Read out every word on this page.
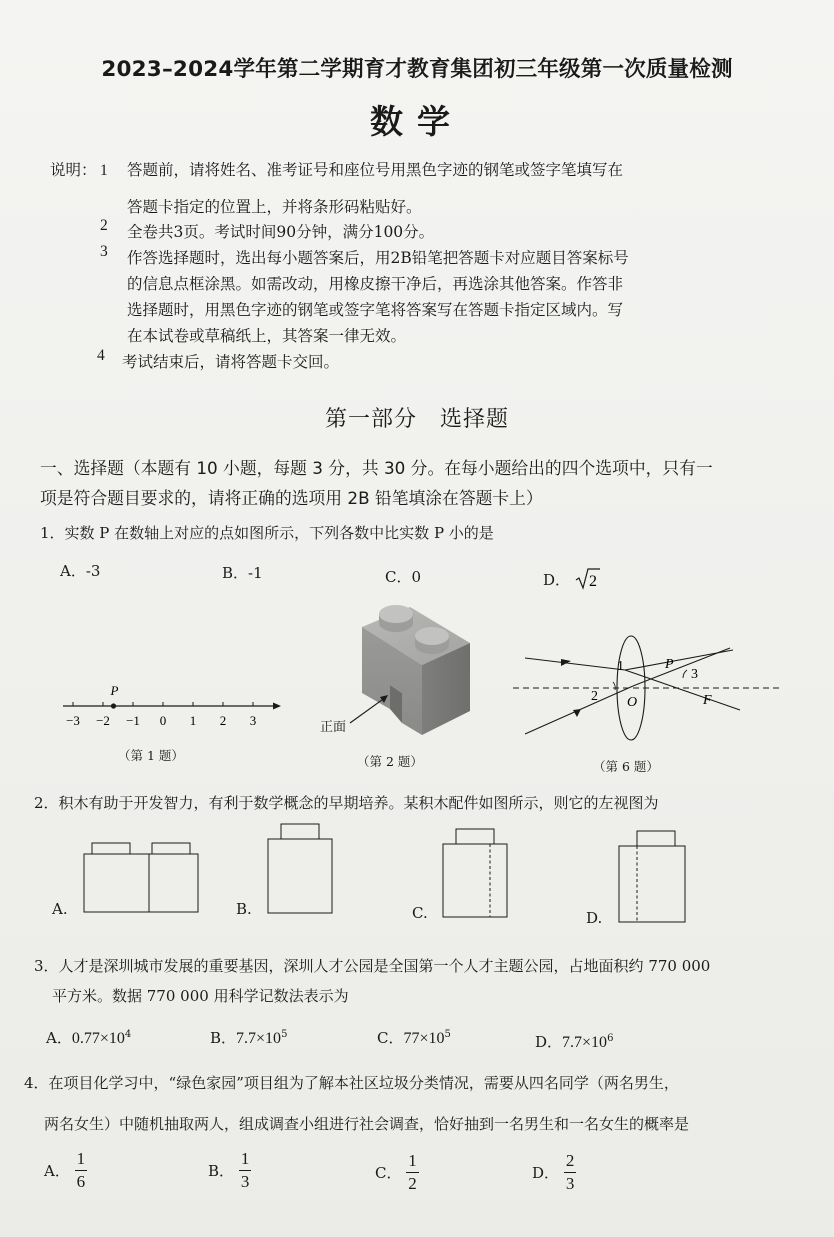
2023–2024学年第二学期育才教育集团初三年级第一次质量检测
数学
说明： 1 答题前，请将姓名、准考证号和座位号用黑色字迹的钢笔或签字笔填写在
答题卡指定的位置上，并将条形码粘贴好。
2 全卷共3页。考试时间90分钟，满分100分。
3 作答选择题时，选出每小题答案后，用2B铅笔把答题卡对应题目答案标号
的信息点框涂黑。如需改动，用橡皮擦干净后，再选涂其他答案。作答非
选择题时，用黑色字迹的钢笔或签字笔将答案写在答题卡指定区域内。写
在本试卷或草稿纸上，其答案一律无效。
4 考试结束后，请将答题卡交回。
第一部分　选择题
一、选择题（本题有 10 小题，每题 3 分，共 30 分。在每小题给出的四个选项中，只有一
项是符合题目要求的，请将正确的选项用 2B 铅笔填涂在答题卡上）
1．实数 P 在数轴上对应的点如图所示，下列各数中比实数 P 小的是
A．-3	B．-1	C．0	D． 2
−3 −2 −1 0 1 2 3
P
（第 1 题）
正面
（第 2 题）
1	P
3
2 O	F
（第 6 题）
2．积木有助于开发智力，有利于数学概念的早期培养。某积木配件如图所示，则它的左视图为
A.	B.	C.	D.
3．人才是深圳城市发展的重要基因，深圳人才公园是全国第一个人才主题公园，占地面积约 770 000
平方米。数据 770 000 用科学记数法表示为
A．$0.77\times 10^4$	B．$7.7\times 10^5$	C．$77\times 10^5$	D．$7.7\times 10^6$
4．在项目化学习中，“绿色家园”项目组为了解本社区垃圾分类情况，需要从四名同学（两名男生，
两名女生）中随机抽取两人，组成调查小组进行社会调查，恰好抽到一名男生和一名女生的概率是
A． $\frac{1}{6}$	B． $\frac{1}{3}$	C． $\frac{1}{2}$	D． $\frac{2}{3}$
